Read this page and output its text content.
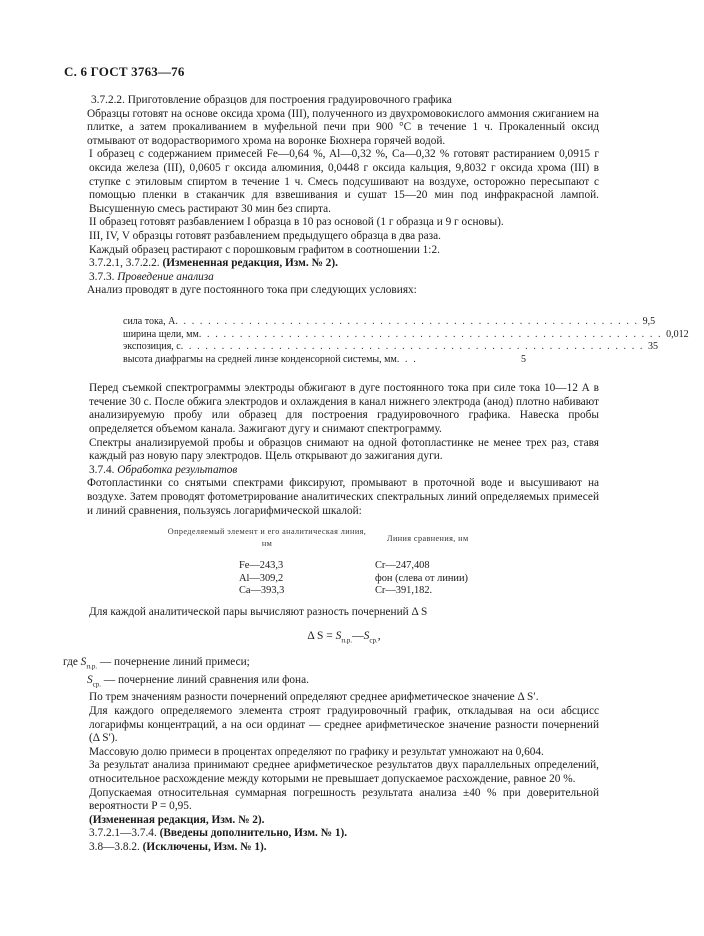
С. 6 ГОСТ 3763—76

3.7.2.2. Приготовление образцов для построения градуировочного графика

Образцы готовят на основе оксида хрома (III), полученного из двухромовокислого аммония сжиганием на плитке, а затем прокаливанием в муфельной печи при 900 °С в течение 1 ч. Прокаленный оксид отмывают от водорастворимого хрома на воронке Бюхнера горячей водой.

I образец с содержанием примесей Fe—0,64 %, Al—0,32 %, Ca—0,32 % готовят растиранием 0,0915 г оксида железа (III), 0,0605 г оксида алюминия, 0,0448 г оксида кальция, 9,8032 г оксида хрома (III) в ступке с этиловым спиртом в течение 1 ч. Смесь подсушивают на воздухе, осторожно пересыпают с помощью пленки в стаканчик для взвешивания и сушат 15—20 мин под инфракрасной лампой. Высушенную смесь растирают 30 мин без спирта.

II образец готовят разбавлением I образца в 10 раз основой (1 г образца и 9 г основы).

III, IV, V образцы готовят разбавлением предыдущего образца в два раза.

Каждый образец растирают с порошковым графитом в соотношении 1:2.

3.7.2.1, 3.7.2.2. (Измененная редакция, Изм. № 2).

3.7.3. Проведение анализа

Анализ проводят в дуге постоянного тока при следующих условиях:

сила тока, А . . . . . . . . . . . . . . . . . . . . . . . . . . . . . . . . . . . . . . . . . . . . . . . . . . . . . . . . . 9,5
ширина щели, мм . . . . . . . . . . . . . . . . . . . . . . . . . . . . . . . . . . . . . . . . . . . . . . . . . . . . . . . . . 0,012
экспозиция, с . . . . . . . . . . . . . . . . . . . . . . . . . . . . . . . . . . . . . . . . . . . . . . . . . . . . . . . . . 35
высота диафрагмы на средней линзе конденсорной системы, мм . . .	5

Перед съемкой спектрограммы электроды обжигают в дуге постоянного тока при силе тока 10—12 А в течение 30 с. После обжига электродов и охлаждения в канал нижнего электрода (анод) плотно набивают анализируемую пробу или образец для построения градуировочного графика. Навеска пробы определяется объемом канала. Зажигают дугу и снимают спектрограмму.

Спектры анализируемой пробы и образцов снимают на одной фотопластинке не менее трех раз, ставя каждый раз новую пару электродов. Щель открывают до зажигания дуги.

3.7.4. Обработка результатов

Фотопластинки со снятыми спектрами фиксируют, промывают в проточной воде и высушивают на воздухе. Затем проводят фотометрирование аналитических спектральных линий определяемых примесей и линий сравнения, пользуясь логарифмической шкалой:

Определяемый элемент и его аналитическая линия, нм
Линия сравнения, нм
Fe—243,3
Al—309,2
Ca—393,3
Cr—247,408
фон (слева от линии)
Cr—391,182.

Для каждой аналитической пары вычисляют разность почернений Δ S

Δ $S = S_{п.р.}—S_{ср.}$,
где $S_{п.р.}$ — почернение линий примеси;
$S_{ср.}$ — почернение линий сравнения или фона.

По трем значениям разности почернений определяют среднее арифметическое значение Δ S′.

Для каждого определяемого элемента строят градуировочный график, откладывая на оси абсцисс логарифмы концентраций, а на оси ординат — среднее арифметическое значение разности почернений (Δ S′).

Массовую долю примеси в процентах определяют по графику и результат умножают на 0,604.

За результат анализа принимают среднее арифметическое результатов двух параллельных определений, относительное расхождение между которыми не превышает допускаемое расхождение, равное 20 %.

Допускаемая относительная суммарная погрешность результата анализа ±40 % при доверительной вероятности P = 0,95.

(Измененная редакция, Изм. № 2).

3.7.2.1—3.7.4. (Введены дополнительно, Изм. № 1).

3.8—3.8.2. (Исключены, Изм. № 1).
